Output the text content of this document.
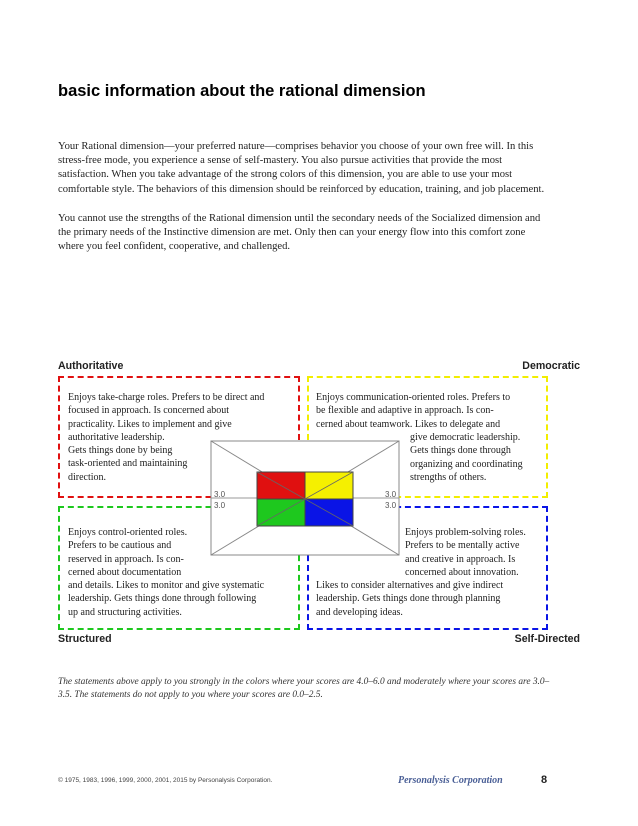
basic information about the rational dimension
Your Rational dimension—your preferred nature—comprises behavior you choose of your own free will. In this stress-free mode, you experience a sense of self-mastery. You also pursue activities that provide the most satisfaction. When you take advantage of the strong colors of this dimension, you are able to use your most comfortable style. The behaviors of this dimension should be reinforced by education, training, and job placement.
You cannot use the strengths of the Rational dimension until the secondary needs of the Socialized dimension and the primary needs of the Instinctive dimension are met. Only then can your energy flow into this comfort zone where you feel confident, cooperative, and challenged.
Authoritative	Democratic
Structured	Self-Directed
3.0
3.0
3.0
3.0
Enjoys take-charge roles. Prefers to be direct and
focused in approach. Is concerned about
practicality. Likes to implement and give
authoritative leadership.
Gets things done by being
task-oriented and maintaining
direction.
Enjoys communication-oriented roles. Prefers to
be flexible and adaptive in approach. Is con-
cerned about teamwork. Likes to delegate and
give democratic leadership.
Gets things done through
organizing and coordinating
strengths of others.
Enjoys control-oriented roles.
Prefers to be cautious and
reserved in approach. Is con-
cerned about documentation
and details. Likes to monitor and give systematic
leadership. Gets things done through following
up and structuring activities.
Enjoys problem-solving roles.
Prefers to be mentally active
and creative in approach. Is
concerned about innovation.
Likes to consider alternatives and give indirect
leadership. Gets things done through planning
and developing ideas.
The statements above apply to you strongly in the colors where your scores are 4.0–6.0 and moderately where your scores are 3.0–3.5. The statements do not apply to you where your scores are 0.0–2.5.
© 1975, 1983, 1996, 1999, 2000, 2001, 2015 by Personalysis Corporation.	Personalysis Corporation	8
